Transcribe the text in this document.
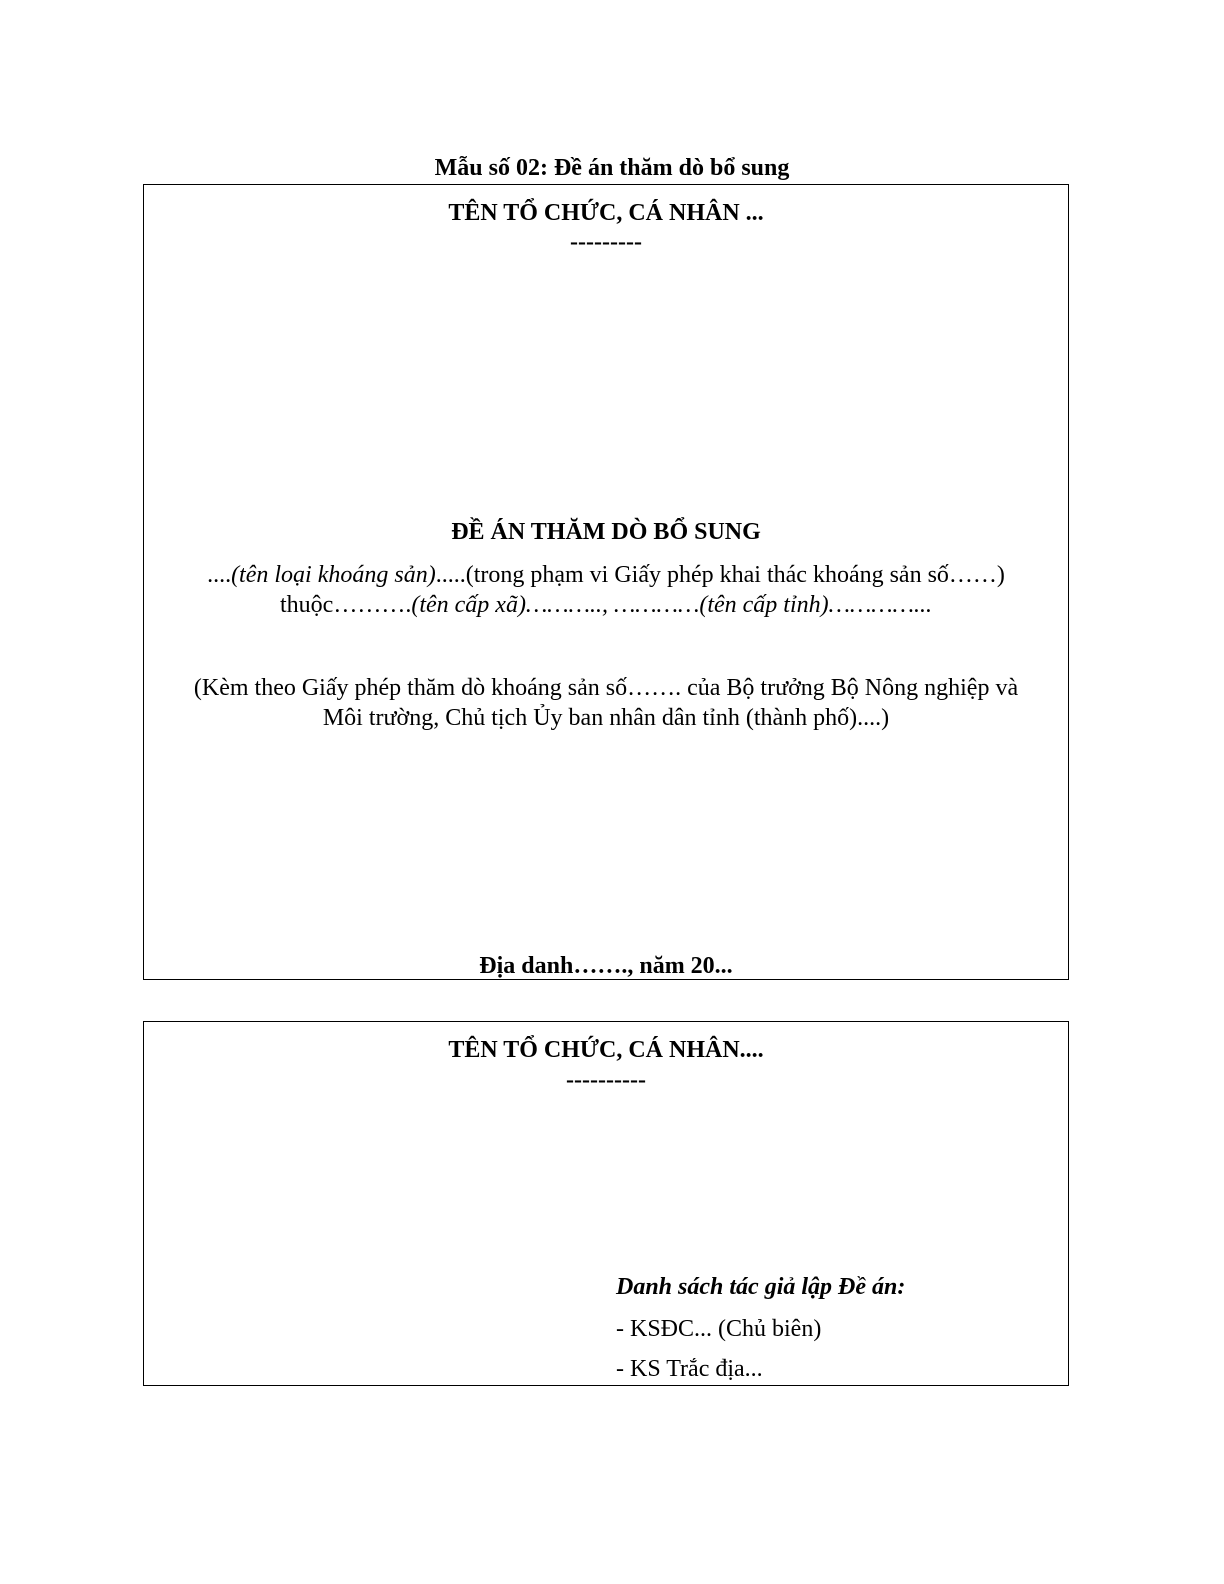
Mẫu số 02: Đề án thăm dò bổ sung
TÊN TỔ CHỨC, CÁ NHÂN ...
---------
ĐỀ ÁN THĂM DÒ BỔ SUNG
....(tên loại khoáng sản).....(trong phạm vi Giấy phép khai thác khoáng sản số……)
thuộc……….(tên cấp xã)……….., …………(tên cấp tỉnh)…………...
(Kèm theo Giấy phép thăm dò khoáng sản số……. của Bộ trưởng Bộ Nông nghiệp và
Môi trường, Chủ tịch Ủy ban nhân dân tỉnh (thành phố)....)
Địa danh……., năm 20...
TÊN TỔ CHỨC, CÁ NHÂN....
----------
Danh sách tác giả lập Đề án:
- KSĐC... (Chủ biên)
- KS Trắc địa...
